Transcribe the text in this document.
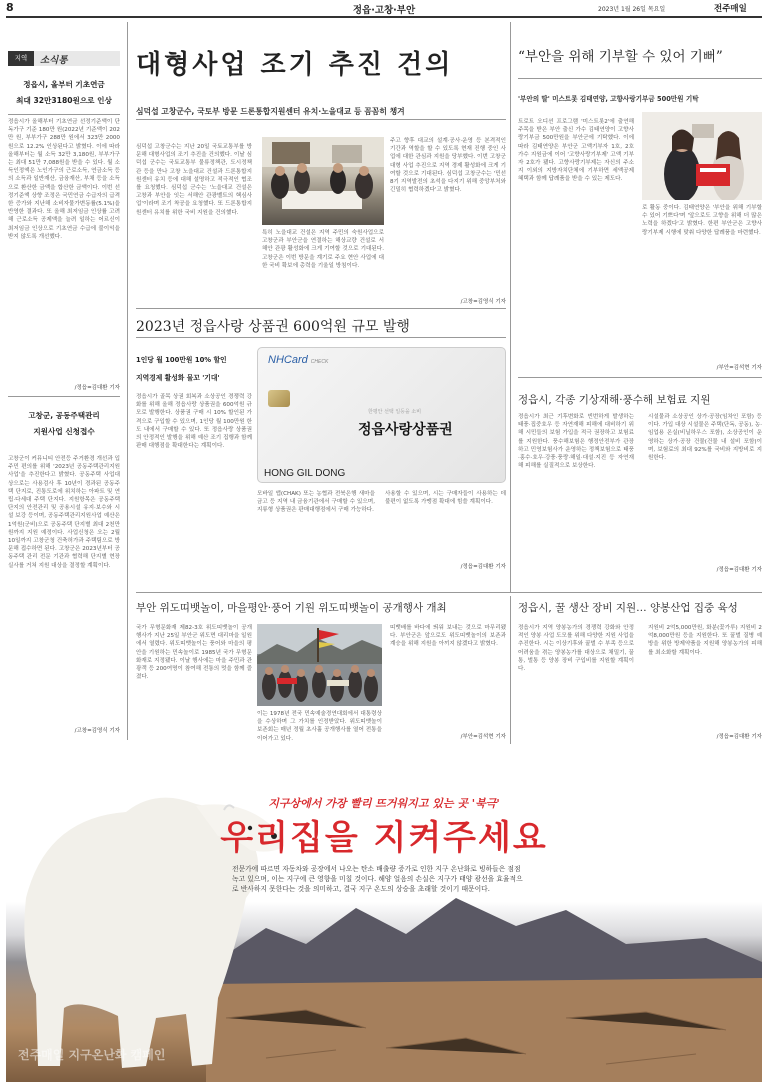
8	정읍·고창·부안	2023년 1월 26일 목요일	전주매일
지역	소식통
정읍시, 올부터 기초연금
최대 32만3180원으로 인상
정읍시가 올해부터 기초연금 선정기준액이 단독가구 기준 180만 원(2022년 기준액이 202만 원, 부부가구 288만 원에서 323만 2000원으로 12.2% 인상된다고 밝혔다. 이에 따라 올해부터는 월 소득 32만 3,180원, 부부가구는 최대 51만 7,088원을 받을 수 있다. 월 소득인정액은 노인가구의 근로소득, 연금소득 등의 소득과 일반재산, 금융재산, 부채 등을 소득으로 환산한 금액을 합산한 금액이다. 이번 선정기준액 상향 조정은 국민연금 수급자의 급격한 증가와 지난해 소비자물가변동률(5.1%)을 반영한 결과다. 또 올해 최저임금 인상률 고려해 근로소득 공제액을 늘려 일하는 어르신이 최저임금 인상으로 기초연금 수급에 불이익을 받지 않도록 개선했다.
/정읍=김대환 기자
고창군, 공동주택관리
지원사업 신청접수
고창군이 커뮤니티 안전등 주거환경 개선과 입주민 편의를 위해 '2023년 공동주택관리지원사업'을 추진한다고 밝혔다. 공동주택 사업대상으로는 사용검사 후 10년이 경과된 공동주택 단지로, 진통도로에 위치하는 아파트 및 연립·다세대 주택 단지다. 지원항목은 공동주택단지의 안전관리 및 공용시설 유지·보수와 시설 보강 등이며, 공동주택관리지원사업 예산은 1억원(군비)으로 공동주택 단지별 최대 2천만원까지 지원 예정이다. 사업신청은 오는 2월10일까지 고창군청 건축허가과 주택팀으로 방문해 접수하면 된다. 고창군은 2023년부터 공동주택 관리 전문 기관과 협력해 단지별 현장실사를 거쳐 지원 대상을 결정할 계획이다.
/고창=김영식 기자
대형사업 조기 추진 건의
심덕섭 고창군수, 국토부 방문 드론통합지원센터 유치·노을대교 등 꼼꼼히 챙겨
심덕섭 고창군수는 지난 20일 국토교통부를 방문해 대형사업의 조기 추진을 건의했다. 이날 심덕섭 군수는 국토교통부 물류정책관, 도시정책관 등을 만나 고창 노을대교 건설과 드론통합지원센터 유치 등에 대해 설명하고 적극적인 협조를 요청했다. 심덕섭 군수는 '노을대교 건설은 고창과 부안을 잇는 서해안 관광벨트의 핵심사업'이라며 조기 착공을 요청했다. 또 드론통합지원센터 유치를 위한 국비 지원을 건의했다.
특히 노을대교 건설은 지역 주민의 숙원사업으로 고창군과 부안군을 연결하는 해상교량 건설로 서해안 관광 활성화에 크게 기여할 것으로 기대된다. 고창군은 이번 방문을 계기로 주요 현안 사업에 대한 국비 확보에 총력을 기울일 방침이다.
주고 향후 대교의 설계·공사·운영 등 본격적인 기간과 역할을 할 수 있도록 현재 진행 중인 사업에 대한 관심과 지원을 당부했다. 이번 고창군 대형 사업 추진으로 지역 경제 활성화에 크게 기여할 것으로 기대된다. 심덕섭 고창군수는 '민선8기 지역발전의 초석을 다지기 위해 중앙부처와 긴밀히 협력하겠다'고 밝혔다.
/고창=김영식 기자
2023년 정읍사랑 상품권 600억원 규모 발행
1인당 월 100만원 10% 할인
지역경제 활성화 물꼬 '기대'
정읍시가 골목 상권 회복과 소상공인 경쟁력 강화를 위해 올해 정읍사랑 상품권을 600억원 규모로 발행한다. 상품권 구매 시 10% 할인된 가격으로 구입할 수 있으며, 1인당 월 100만원 한도 내에서 구매할 수 있다. 또 정읍사랑 상품권의 안정적인 발행을 위해 예산 조기 집행과 함께 판매 대행점을 확대한다는 계획이다.
NHCard CHECK
한평안 선택 일등을 소비
정읍사랑상품권
HONG GIL DONG
모바일 앱(CHAK) 또는 농협과 전북은행 새마을금고 등 지역 내 금융기관에서 구매할 수 있으며, 지류형 상품권은 판매대행점에서 구매 가능하다.
사용할 수 있으며, 시는 구매자들이 사용하는 데 불편이 없도록 가맹점 확대에 힘쓸 계획이다.
/정읍=김대환 기자
“부안을 위해 기부할 수 있어 기뻐”
'부안의 딸' 미스트롯 김태연양, 고향사랑기부금 500만원 기탁
트로트 오디션 프로그램 '미스트롯2'에 출연해 주목을 받은 부안 출신 가수 김태연양이 고향사랑기부금 500만원을 부안군에 기탁했다. 이에 따라 김태연양은 부안군 고액기부자 1호, 2호 가수 지원금에 이어 '고향사랑기부제' 고액 기부자 2호가 됐다. 고향사랑기부제는 자신의 주소지 이외의 지방자치단체에 기부하면 세액공제 혜택과 함께 답례품을 받을 수 있는 제도다.
로 활동 중이다. 김태연양은 '부안을 위해 기부할 수 있어 기쁘다'며 '앞으로도 고향을 위해 더 많은 노력을 하겠다'고 밝혔다. 한편 부안군은 고향사랑기부제 시행에 맞춰 다양한 답례품을 마련했다.
/부안=김석현 기자
정읍시, 각종 기상재해·풍수해 보험료 지원
정읍시가 최근 기후변화로 빈번하게 발생하는 태풍·집중호우 등 자연재해 피해에 대비하기 위해 시민들의 보험 가입을 적극 권장하고 보험료를 지원한다. 풍수해보험은 행정안전부가 관장하고 민영보험사가 운영하는 정책보험으로 태풍·홍수·호우·강풍·풍랑·해일·대설·지진 등 자연재해 피해를 실질적으로 보상한다.
시설물과 소상공인 상가·공장(임차인 포함) 등이다. 가입 대상 시설물은 주택(단독, 공동), 농·임업용 온실(비닐하우스 포함), 소상공인이 운영하는 상가·공장 건물(건물 내 설비 포함)이며, 보험료의 최대 92%를 국비와 지방비로 지원한다.
/정읍=김대환 기자
부안 위도띠뱃놀이, 마을평안·풍어 기원 위도띠뱃놀이 공개행사 개최
국가 무형문화재 제82-3호 위도띠뱃놀이 공개행사가 지난 25일 부안군 위도면 대리마을 일원에서 열렸다. 위도띠뱃놀이는 풍어와 마을의 평안을 기원하는 민속놀이로 1985년 국가 무형문화재로 지정됐다. 이날 행사에는 마을 주민과 관광객 등 200여명이 참여해 전통의 멋을 함께 즐겼다.
이는 1978년 전국 민속예술경연대회에서 대통령상을 수상하며 그 가치를 인정받았다. 위도띠뱃놀이 보존회는 매년 정월 초사흘 공개행사를 열어 전통을 이어가고 있다.
띠뱃배를 바다에 띄워 보내는 것으로 마무리됐다. 부안군은 앞으로도 위도띠뱃놀이의 보존과 계승을 위해 지원을 아끼지 않겠다고 밝혔다.
/부안=김석현 기자
정읍시, 꿀 생산 장비 지원… 양봉산업 집중 육성
정읍시가 지역 양봉농가의 경쟁력 강화와 안정적인 양봉 사업 도모를 위해 다양한 지원 사업을 추진한다. 시는 이상기후와 꿀벌 수 부족 등으로 어려움을 겪는 양봉농가를 대상으로 채밀기, 꿀통, 벌통 등 양봉 장비 구입비를 지원할 계획이다.
지원비 2억5,000만원, 화분(꽃가루) 지원비 2억8,000만원 등을 지원한다. 또 꿀벌 질병 예방을 위한 방제약품을 지원해 양봉농가의 피해를 최소화할 계획이다.
/정읍=김대환 기자
지구상에서 가장 빨리 뜨거워지고 있는 곳 '북극'
우리집을 지켜주세요
전문가에 따르면 자동차와 공장에서 나오는 탄소 배출량 증가로 인한 지구 온난화로 빙하들은 점점
녹고 있으며, 이는 지구에 큰 영향을 미칠 것이다. 해양 얼음의 손실은 지구가 태양 광선을 효율적으
로 반사하지 못한다는 것을 의미하고, 결국 지구 온도의 상승을 초래할 것이기 때문이다.
전주매일 지구온난화 캠페인
